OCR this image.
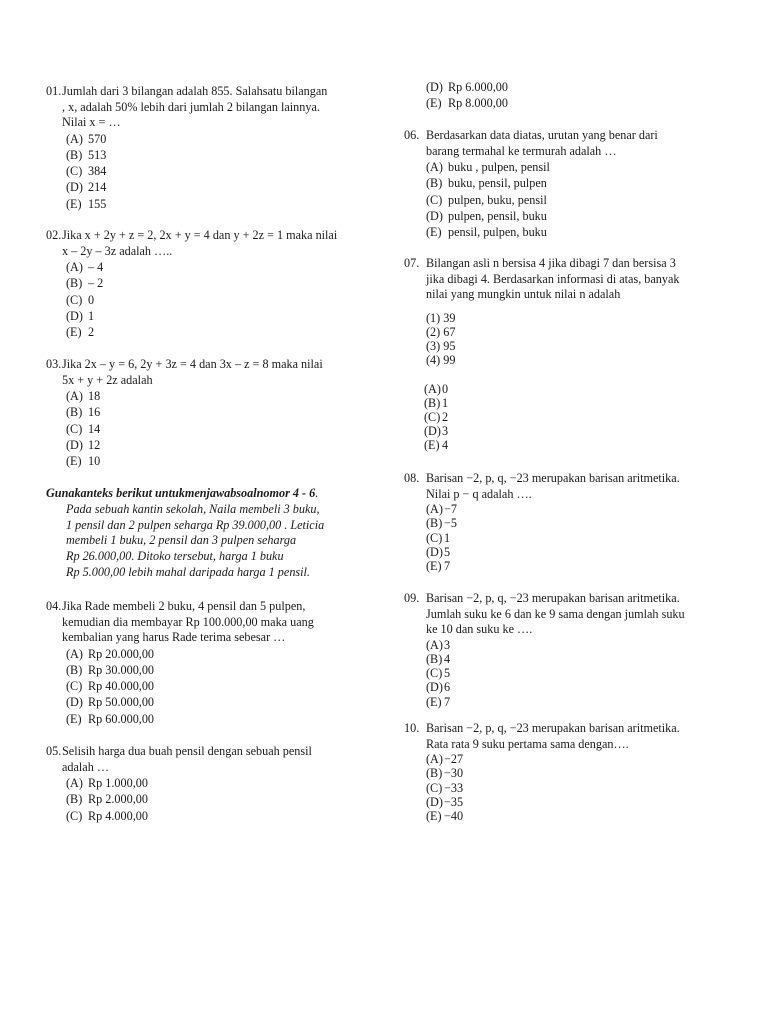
01. Jumlah dari 3 bilangan adalah 855. Salahsatu bilangan
, x, adalah 50% lebih dari jumlah 2 bilangan lainnya.
Nilai x = …
(A) 570
(B) 513
(C) 384
(D) 214
(E) 155
02. Jika x + 2y + z = 2, 2x + y = 4 dan y + 2z = 1 maka nilai
x – 2y – 3z adalah …..
(A) – 4
(B) – 2
(C) 0
(D) 1
(E) 2
03. Jika 2x – y = 6, 2y + 3z = 4 dan 3x – z = 8 maka nilai
5x + y + 2z adalah
(A) 18
(B) 16
(C) 14
(D) 12
(E) 10
Gunakanteks berikut untukmenjawabsoalnomor 4 - 6.
Pada sebuah kantin sekolah, Naila membeli 3 buku,
1 pensil dan 2 pulpen seharga Rp 39.000,00 . Leticia
membeli 1 buku, 2 pensil dan 3 pulpen seharga
Rp 26.000,00. Ditoko tersebut, harga 1 buku
Rp 5.000,00 lebih mahal daripada harga 1 pensil.
04. Jika Rade membeli 2 buku, 4 pensil dan 5 pulpen,
kemudian dia membayar Rp 100.000,00 maka uang
kembalian yang harus Rade terima sebesar …
(A) Rp 20.000,00
(B) Rp 30.000,00
(C) Rp 40.000,00
(D) Rp 50.000,00
(E) Rp 60.000,00
05. Selisih harga dua buah pensil dengan sebuah pensil
adalah …
(A) Rp 1.000,00
(B) Rp 2.000,00
(C) Rp 4.000,00
(D) Rp 6.000,00
(E) Rp 8.000,00
06. Berdasarkan data diatas, urutan yang benar dari
barang termahal ke termurah adalah …
(A) buku , pulpen, pensil
(B) buku, pensil, pulpen
(C) pulpen, buku, pensil
(D) pulpen, pensil, buku
(E) pensil, pulpen, buku
07. Bilangan asli n bersisa 4 jika dibagi 7 dan bersisa 3
jika dibagi 4. Berdasarkan informasi di atas, banyak
nilai yang mungkin untuk nilai n adalah
(1) 39
(2) 67
(3) 95
(4) 99
(A)0
(B) 1
(C) 2
(D)3
(E) 4
08. Barisan −2, p, q, −23 merupakan barisan aritmetika.
Nilai p − q adalah ….
(A)−7
(B) −5
(C) 1
(D)5
(E) 7
09. Barisan −2, p, q, −23 merupakan barisan aritmetika.
Jumlah suku ke 6 dan ke 9 sama dengan jumlah suku
ke 10 dan suku ke ….
(A)3
(B) 4
(C) 5
(D)6
(E) 7
10. Barisan −2, p, q, −23 merupakan barisan aritmetika.
Rata rata 9 suku pertama sama dengan….
(A)−27
(B) −30
(C) −33
(D)−35
(E) −40
